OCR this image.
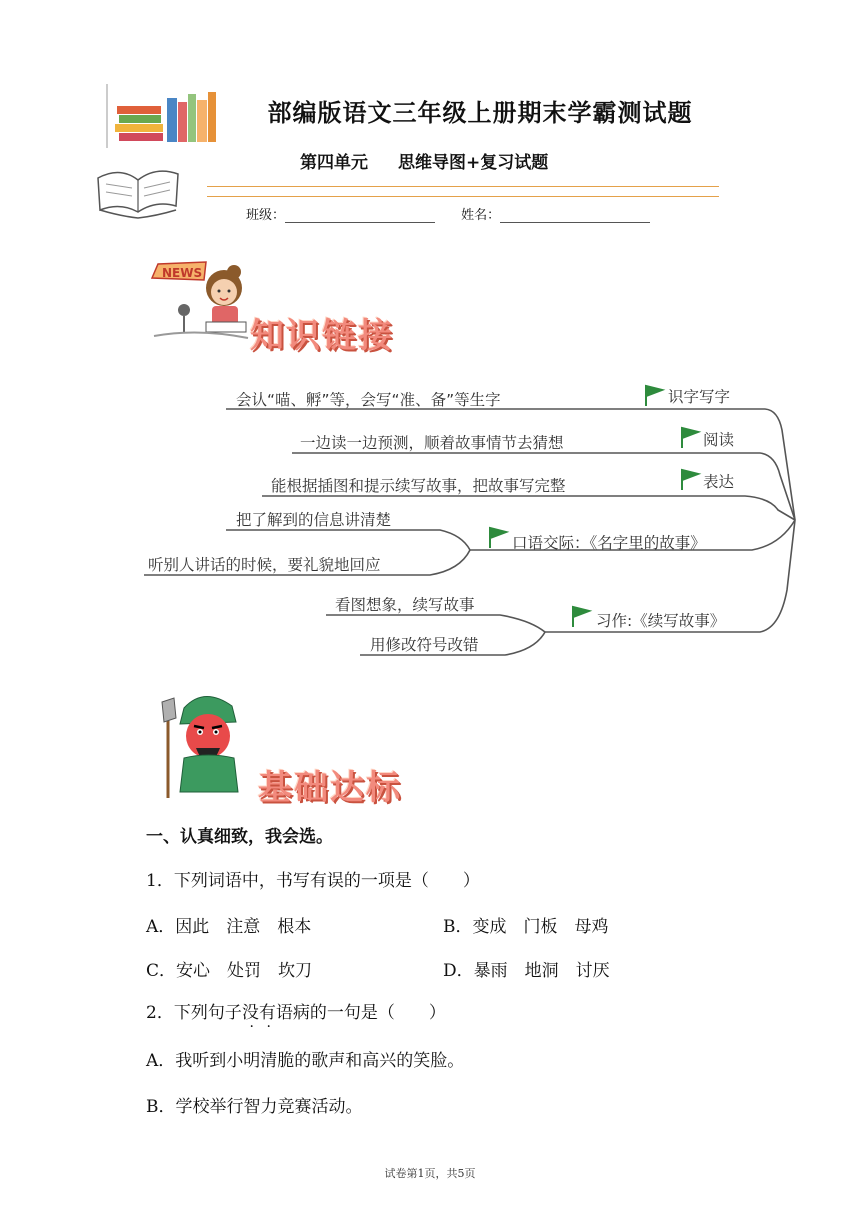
部编版语文三年级上册期末学霸测试题
第四单元 思维导图+复习试题
班级：	姓名：
NEWS
知识链接
会认“喵、孵”等，会写“准、备”等生字	识字写字
一边读一边预测，顺着故事情节去猜想	阅读
能根据插图和提示续写故事，把故事写完整	表达
把了解到的信息讲清楚
听别人讲话的时候，要礼貌地回应
口语交际：《名字里的故事》
看图想象，续写故事
用修改符号改错
习作:《续写故事》
基础达标
一、认真细致，我会选。
1．下列词语中，书写有误的一项是（　　）
A．因此　注意　根本	B．变成　门板　母鸡
C．安心　处罚　坎刀	D．暴雨　地洞　讨厌
2．下列句子没有语病的一句是（　　）
A．我听到小明清脆的歌声和高兴的笑脸。
B．学校举行智力竞赛活动。
试卷第1页，共5页
